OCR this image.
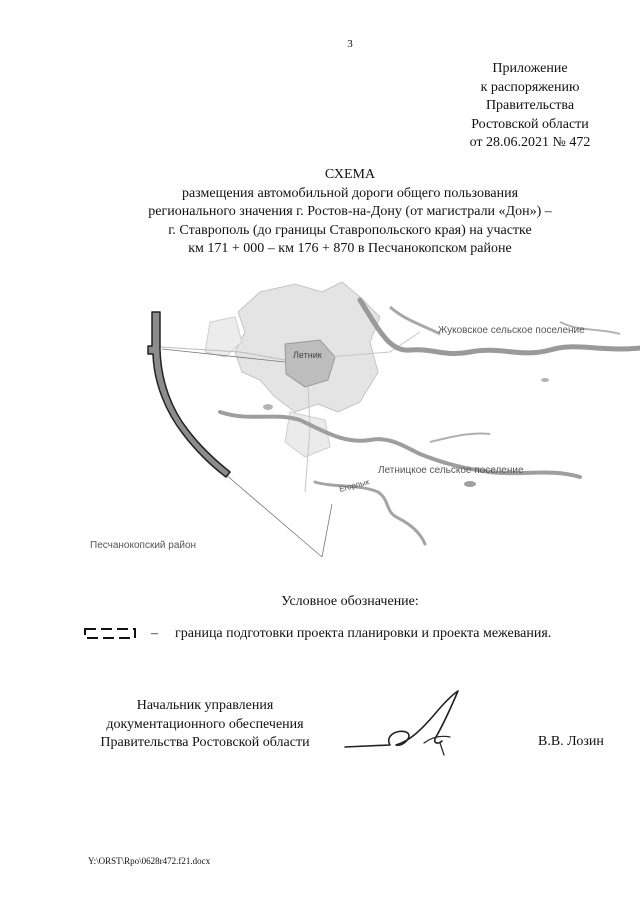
3
Приложение
к распоряжению
Правительства
Ростовской области
от 28.06.2021 № 472
СХЕМА
размещения автомобильной дороги общего пользования
регионального значения г. Ростов-на-Дону (от магистрали «Дон») –
г. Ставрополь (до границы Ставропольского края) на участке
км 171 + 000 – км 176 + 870 в Песчанокопском районе
Летник
Жуковское сельское поселение
Летницкое сельское поселение
Егорлык
Песчанокопский район
Условное обозначение:
– граница подготовки проекта планировки и проекта межевания.
Начальник управления
документационного обеспечения
Правительства Ростовской области	В.В. Лозин
Y:\ORST\Rpo\0628r472.f21.docx
